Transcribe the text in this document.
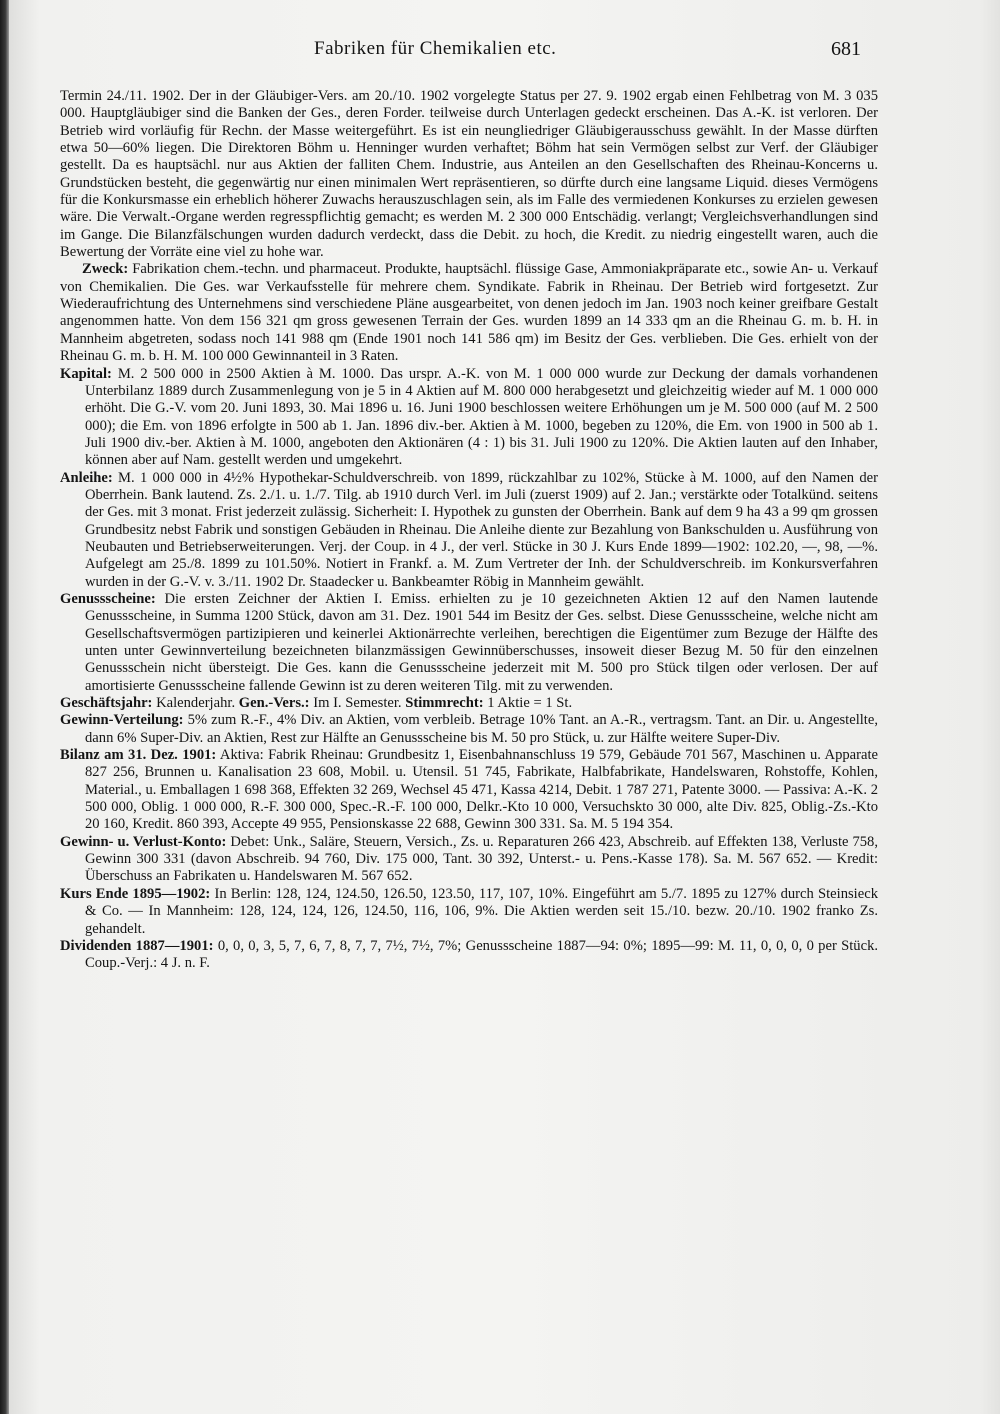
Fabriken für Chemikalien etc.	681

Termin 24./11. 1902. Der in der Gläubiger-Vers. am 20./10. 1902 vorgelegte Status per 27. 9. 1902 ergab einen Fehlbetrag von M. 3 035 000. Hauptgläubiger sind die Banken der Ges., deren Forder. teilweise durch Unterlagen gedeckt erscheinen. Das A.-K. ist verloren. Der Betrieb wird vorläufig für Rechn. der Masse weitergeführt. Es ist ein neungliedriger Gläubigerausschuss gewählt. In der Masse dürften etwa 50—60% liegen. Die Direktoren Böhm u. Henninger wurden verhaftet; Böhm hat sein Vermögen selbst zur Verf. der Gläubiger gestellt. Da es hauptsächl. nur aus Aktien der falliten Chem. Industrie, aus Anteilen an den Gesellschaften des Rheinau-Koncerns u. Grundstücken besteht, die gegenwärtig nur einen minimalen Wert repräsentieren, so dürfte durch eine langsame Liquid. dieses Vermögens für die Konkursmasse ein erheblich höherer Zuwachs herauszuschlagen sein, als im Falle des vermiedenen Konkurses zu erzielen gewesen wäre. Die Verwalt.-Organe werden regresspflichtig gemacht; es werden M. 2 300 000 Entschädig. verlangt; Vergleichsverhandlungen sind im Gange. Die Bilanzfälschungen wurden dadurch verdeckt, dass die Debit. zu hoch, die Kredit. zu niedrig eingestellt waren, auch die Bewertung der Vorräte eine viel zu hohe war.

Zweck: Fabrikation chem.-techn. und pharmaceut. Produkte, hauptsächl. flüssige Gase, Ammoniakpräparate etc., sowie An- u. Verkauf von Chemikalien. Die Ges. war Verkaufsstelle für mehrere chem. Syndikate. Fabrik in Rheinau. Der Betrieb wird fortgesetzt. Zur Wiederaufrichtung des Unternehmens sind verschiedene Pläne ausgearbeitet, von denen jedoch im Jan. 1903 noch keiner greifbare Gestalt angenommen hatte. Von dem 156 321 qm gross gewesenen Terrain der Ges. wurden 1899 an 14 333 qm an die Rheinau G. m. b. H. in Mannheim abgetreten, sodass noch 141 988 qm (Ende 1901 noch 141 586 qm) im Besitz der Ges. verblieben. Die Ges. erhielt von der Rheinau G. m. b. H. M. 100 000 Gewinnanteil in 3 Raten.

Kapital: M. 2 500 000 in 2500 Aktien à M. 1000. Das urspr. A.-K. von M. 1 000 000 wurde zur Deckung der damals vorhandenen Unterbilanz 1889 durch Zusammenlegung von je 5 in 4 Aktien auf M. 800 000 herabgesetzt und gleichzeitig wieder auf M. 1 000 000 erhöht. Die G.-V. vom 20. Juni 1893, 30. Mai 1896 u. 16. Juni 1900 beschlossen weitere Erhöhungen um je M. 500 000 (auf M. 2 500 000); die Em. von 1896 erfolgte in 500 ab 1. Jan. 1896 div.-ber. Aktien à M. 1000, begeben zu 120%, die Em. von 1900 in 500 ab 1. Juli 1900 div.-ber. Aktien à M. 1000, angeboten den Aktionären (4 : 1) bis 31. Juli 1900 zu 120%. Die Aktien lauten auf den Inhaber, können aber auf Nam. gestellt werden und umgekehrt.

Anleihe: M. 1 000 000 in 4½% Hypothekar-Schuldverschreib. von 1899, rückzahlbar zu 102%, Stücke à M. 1000, auf den Namen der Oberrhein. Bank lautend. Zs. 2./1. u. 1./7. Tilg. ab 1910 durch Verl. im Juli (zuerst 1909) auf 2. Jan.; verstärkte oder Totalkünd. seitens der Ges. mit 3 monat. Frist jederzeit zulässig. Sicherheit: I. Hypothek zu gunsten der Oberrhein. Bank auf dem 9 ha 43 a 99 qm grossen Grundbesitz nebst Fabrik und sonstigen Gebäuden in Rheinau. Die Anleihe diente zur Bezahlung von Bankschulden u. Ausführung von Neubauten und Betriebserweiterungen. Verj. der Coup. in 4 J., der verl. Stücke in 30 J. Kurs Ende 1899—1902: 102.20, —, 98, —%. Aufgelegt am 25./8. 1899 zu 101.50%. Notiert in Frankf. a. M. Zum Vertreter der Inh. der Schuldverschreib. im Konkursverfahren wurden in der G.-V. v. 3./11. 1902 Dr. Staadecker u. Bankbeamter Röbig in Mannheim gewählt.

Genussscheine: Die ersten Zeichner der Aktien I. Emiss. erhielten zu je 10 gezeichneten Aktien 12 auf den Namen lautende Genussscheine, in Summa 1200 Stück, davon am 31. Dez. 1901 544 im Besitz der Ges. selbst. Diese Genussscheine, welche nicht am Gesellschaftsvermögen partizipieren und keinerlei Aktionärrechte verleihen, berechtigen die Eigentümer zum Bezuge der Hälfte des unten unter Gewinnverteilung bezeichneten bilanzmässigen Gewinnüberschusses, insoweit dieser Bezug M. 50 für den einzelnen Genussschein nicht übersteigt. Die Ges. kann die Genussscheine jederzeit mit M. 500 pro Stück tilgen oder verlosen. Der auf amortisierte Genussscheine fallende Gewinn ist zu deren weiteren Tilg. mit zu verwenden.

Geschäftsjahr: Kalenderjahr. Gen.-Vers.: Im I. Semester. Stimmrecht: 1 Aktie = 1 St.

Gewinn-Verteilung: 5% zum R.-F., 4% Div. an Aktien, vom verbleib. Betrage 10% Tant. an A.-R., vertragsm. Tant. an Dir. u. Angestellte, dann 6% Super-Div. an Aktien, Rest zur Hälfte an Genussscheine bis M. 50 pro Stück, u. zur Hälfte weitere Super-Div.

Bilanz am 31. Dez. 1901: Aktiva: Fabrik Rheinau: Grundbesitz 1, Eisenbahnanschluss 19 579, Gebäude 701 567, Maschinen u. Apparate 827 256, Brunnen u. Kanalisation 23 608, Mobil. u. Utensil. 51 745, Fabrikate, Halbfabrikate, Handelswaren, Rohstoffe, Kohlen, Material., u. Emballagen 1 698 368, Effekten 32 269, Wechsel 45 471, Kassa 4214, Debit. 1 787 271, Patente 3000. — Passiva: A.-K. 2 500 000, Oblig. 1 000 000, R.-F. 300 000, Spec.-R.-F. 100 000, Delkr.-Kto 10 000, Versuchskto 30 000, alte Div. 825, Oblig.-Zs.-Kto 20 160, Kredit. 860 393, Accepte 49 955, Pensionskasse 22 688, Gewinn 300 331. Sa. M. 5 194 354.

Gewinn- u. Verlust-Konto: Debet: Unk., Saläre, Steuern, Versich., Zs. u. Reparaturen 266 423, Abschreib. auf Effekten 138, Verluste 758, Gewinn 300 331 (davon Abschreib. 94 760, Div. 175 000, Tant. 30 392, Unterst.- u. Pens.-Kasse 178). Sa. M. 567 652. — Kredit: Überschuss an Fabrikaten u. Handelswaren M. 567 652.

Kurs Ende 1895—1902: In Berlin: 128, 124, 124.50, 126.50, 123.50, 117, 107, 10%. Eingeführt am 5./7. 1895 zu 127% durch Steinsieck & Co. — In Mannheim: 128, 124, 124, 126, 124.50, 116, 106, 9%. Die Aktien werden seit 15./10. bezw. 20./10. 1902 franko Zs. gehandelt.

Dividenden 1887—1901: 0, 0, 0, 3, 5, 7, 6, 7, 8, 7, 7, 7½, 7½, 7%; Genussscheine 1887—94: 0%; 1895—99: M. 11, 0, 0, 0, 0 per Stück. Coup.-Verj.: 4 J. n. F.
